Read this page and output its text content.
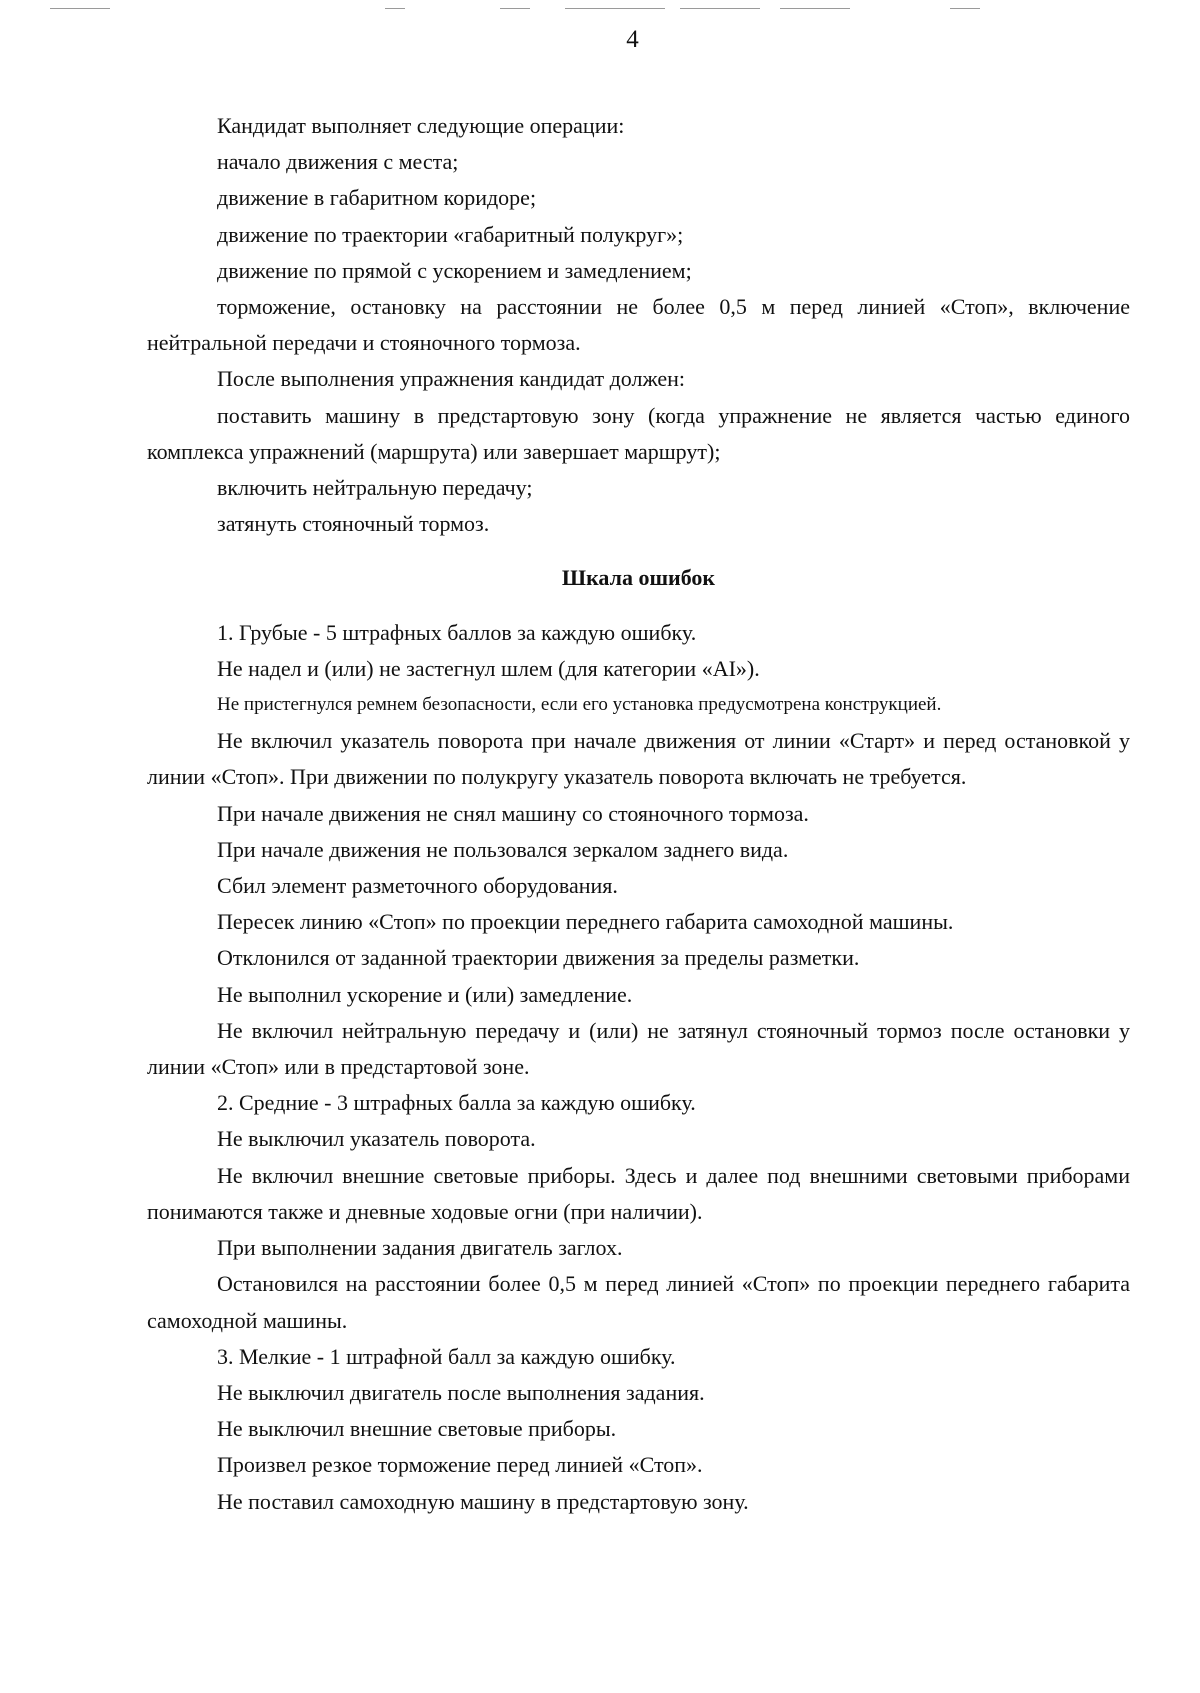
4

Кандидат выполняет следующие операции:

начало движения с места;

движение в габаритном коридоре;

движение по траектории «габаритный полукруг»;

движение по прямой с ускорением и замедлением;

торможение, остановку на расстоянии не более 0,5 м перед линией «Стоп», включение нейтральной передачи и стояночного тормоза.

После выполнения упражнения кандидат должен:

поставить машину в предстартовую зону (когда упражнение не является частью единого комплекса упражнений (маршрута) или завершает маршрут);

включить нейтральную передачу;

затянуть стояночный тормоз.

Шкала ошибок

1. Грубые - 5 штрафных баллов за каждую ошибку.

Не надел и (или) не застегнул шлем (для категории «AI»).

Не пристегнулся ремнем безопасности, если его установка предусмотрена конструкцией.

Не включил указатель поворота при начале движения от линии «Старт» и перед остановкой у линии «Стоп». При движении по полукругу указатель поворота включать не требуется.

При начале движения не снял машину со стояночного тормоза.

При начале движения не пользовался зеркалом заднего вида.

Сбил элемент разметочного оборудования.

Пересек линию «Стоп» по проекции переднего габарита самоходной машины.

Отклонился от заданной траектории движения за пределы разметки.

Не выполнил ускорение и (или) замедление.

Не включил нейтральную передачу и (или) не затянул стояночный тормоз после остановки у линии «Стоп» или в предстартовой зоне.

2. Средние - 3 штрафных балла за каждую ошибку.

Не выключил указатель поворота.

Не включил внешние световые приборы. Здесь и далее под внешними световыми приборами понимаются также и дневные ходовые огни (при наличии).

При выполнении задания двигатель заглох.

Остановился на расстоянии более 0,5 м перед линией «Стоп» по проекции переднего габарита самоходной машины.

3. Мелкие - 1 штрафной балл за каждую ошибку.

Не выключил двигатель после выполнения задания.

Не выключил внешние световые приборы.

Произвел резкое торможение перед линией «Стоп».

Не поставил самоходную машину в предстартовую зону.
